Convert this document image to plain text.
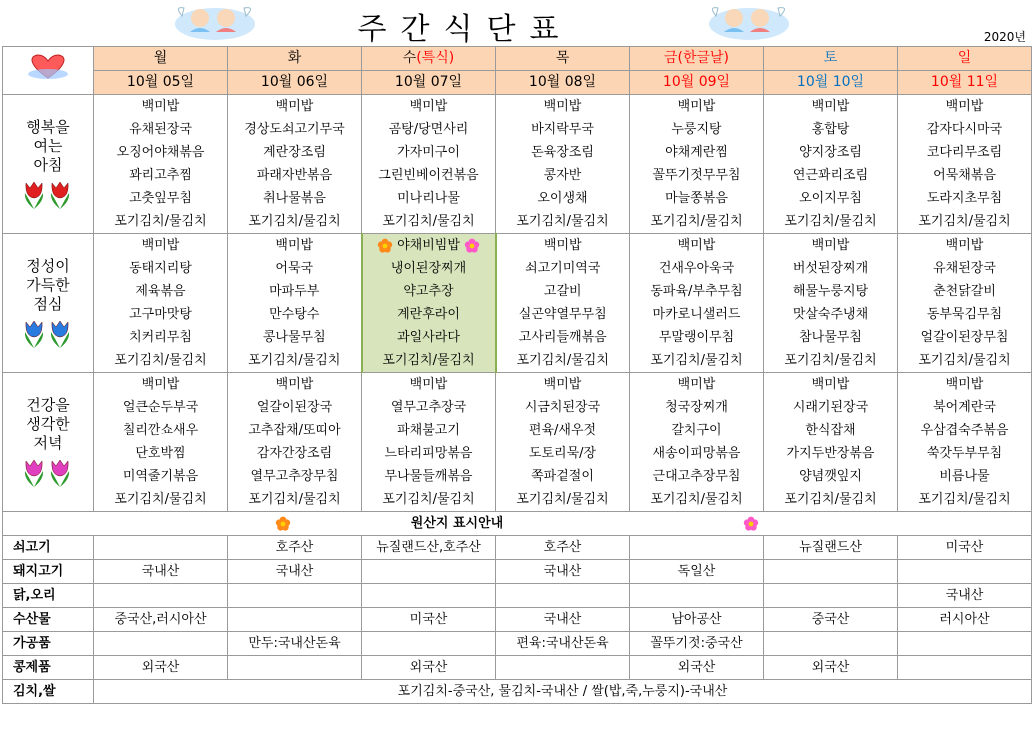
주간식단표	2020년
	월	화	수(특식)	목	금(한글날)	토	일
	10월 05일	10월 06일	10월 07일	10월 08일	10월 09일	10월 10일	10월 11일

행복을
여는
아침	백미밥	백미밥	백미밥	백미밥	백미밥	백미밥	백미밥
	유채된장국	경상도쇠고기무국	곰탕/당면사리	바지락무국	누룽지탕	홍합탕	감자다시마국
	오징어야채볶음	계란장조림	가자미구이	돈육장조림	야채계란찜	양지장조림	코다리무조림
	꽈리고추찜	파래자반볶음	그린빈베이컨볶음	콩자반	꼴뚜기젓무무침	연근꽈리조림	어묵채볶음
	고춧잎무침	취나물볶음	미나리나물	오이생채	마늘쫑볶음	오이지무침	도라지초무침
	포기김치/물김치	포기김치/물김치	포기김치/물김치	포기김치/물김치	포기김치/물김치	포기김치/물김치	포기김치/물김치

정성이
가득한
점심	백미밥	백미밥	야채비빔밥	백미밥	백미밥	백미밥	백미밥
	동태지리탕	어묵국	냉이된장찌개	쇠고기미역국	건새우아욱국	버섯된장찌개	유채된장국
	제육볶음	마파두부	약고추장	고갈비	동파육/부추무침	해물누룽지탕	춘천닭갈비
	고구마맛탕	만수탕수	계란후라이	실곤약열무무침	마카로니샐러드	맛살숙주냉채	동부묵김무침
	치커리무침	콩나물무침	과일사라다	고사리들깨볶음	무말랭이무침	참나물무침	얼갈이된장무침
	포기김치/물김치	포기김치/물김치	포기김치/물김치	포기김치/물김치	포기김치/물김치	포기김치/물김치	포기김치/물김치

건강을
생각한
저녁	백미밥	백미밥	백미밥	백미밥	백미밥	백미밥	백미밥
	얼큰순두부국	얼갈이된장국	열무고추장국	시금치된장국	청국장찌개	시래기된장국	북어계란국
	칠리깐쇼새우	고추잡채/또띠아	파채불고기	편육/새우젓	갈치구이	한식잡채	우삼겹숙주볶음
	단호박찜	감자간장조림	느타리피망볶음	도토리묵/장	새송이피망볶음	가지두반장볶음	쑥갓두부무침
	미역줄기볶음	열무고추장무침	무나물들깨볶음	쪽파겉절이	근대고추장무침	양념깻잎지	비름나물
	포기김치/물김치	포기김치/물김치	포기김치/물김치	포기김치/물김치	포기김치/물김치	포기김치/물김치	포기김치/물김치
원산지 표시안내							
쇠고기		호주산	뉴질랜드산,호주산	호주산		뉴질랜드산	미국산
돼지고기	국내산	국내산		국내산	독일산		
닭,오리							국내산
수산물	중국산,러시아산		미국산	국내산	남아공산	중국산	러시아산
가공품		만두:국내산돈육		편육:국내산돈육	꼴뚜기젓:중국산		
콩제품	외국산		외국산		외국산	외국산	
김치,쌀	포기김치-중국산, 물김치-국내산 / 쌀(밥,죽,누룽지)-국내산						
